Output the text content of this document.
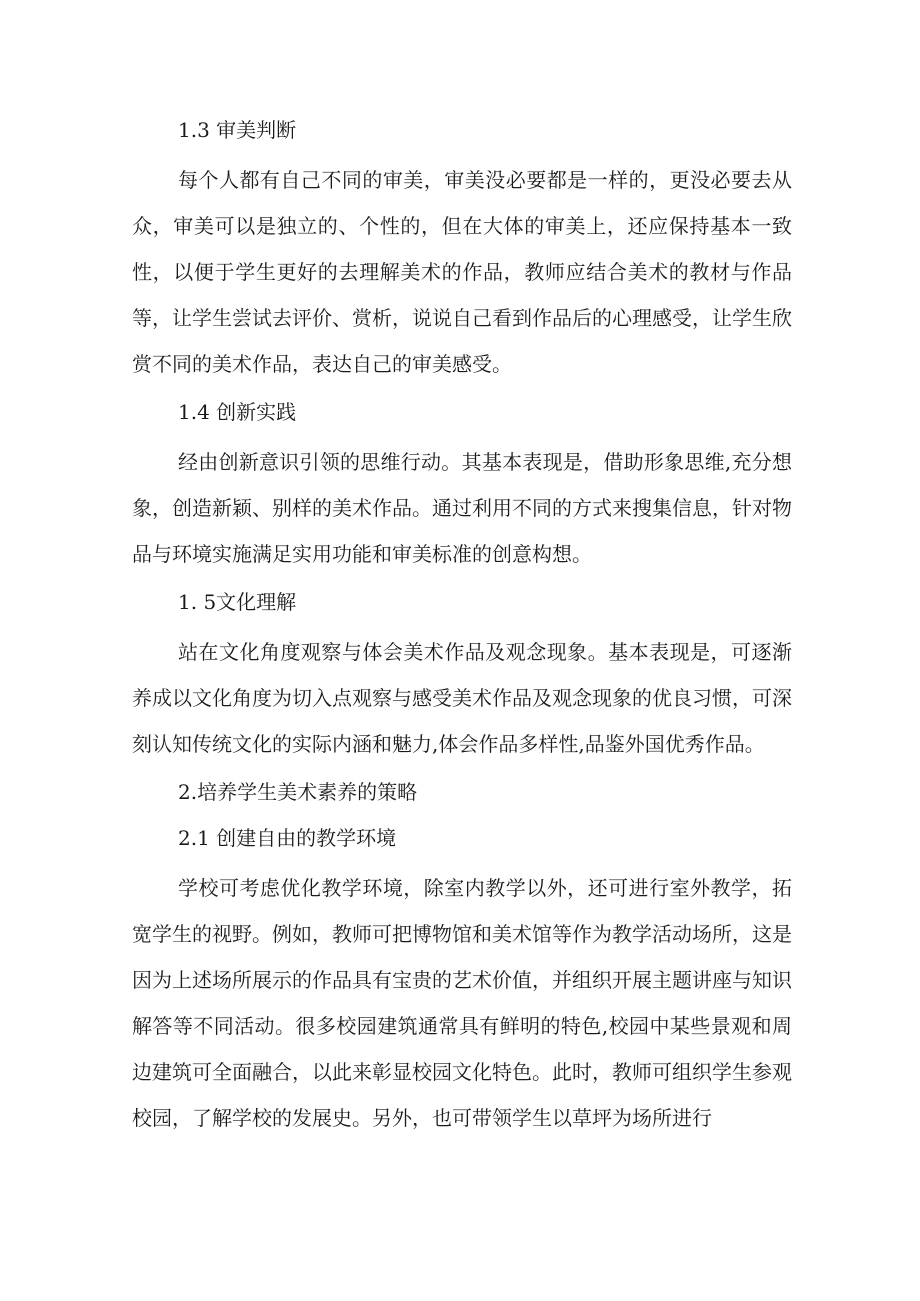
1.3 审美判断

每个人都有自己不同的审美，审美没必要都是一样的，更没必要去从众，审美可以是独立的、个性的，但在大体的审美上，还应保持基本一致性，以便于学生更好的去理解美术的作品，教师应结合美术的教材与作品等，让学生尝试去评价、赏析，说说自己看到作品后的心理感受，让学生欣赏不同的美术作品，表达自己的审美感受。

1.4 创新实践

经由创新意识引领的思维行动。其基本表现是，借助形象思维,充分想象，创造新颖、别样的美术作品。通过利用不同的方式来搜集信息，针对物品与环境实施满足实用功能和审美标准的创意构想。

1. 5文化理解

站在文化角度观察与体会美术作品及观念现象。基本表现是，可逐渐养成以文化角度为切入点观察与感受美术作品及观念现象的优良习惯，可深刻认知传统文化的实际内涵和魅力,体会作品多样性,品鉴外国优秀作品。

2.培养学生美术素养的策略
2.1 创建自由的教学环境

学校可考虑优化教学环境，除室内教学以外，还可进行室外教学，拓宽学生的视野。例如，教师可把博物馆和美术馆等作为教学活动场所，这是因为上述场所展示的作品具有宝贵的艺术价值，并组织开展主题讲座与知识解答等不同活动。很多校园建筑通常具有鲜明的特色,校园中某些景观和周边建筑可全面融合，以此来彰显校园文化特色。此时，教师可组织学生参观校园，了解学校的发展史。另外，也可带领学生以草坪为场所进行
